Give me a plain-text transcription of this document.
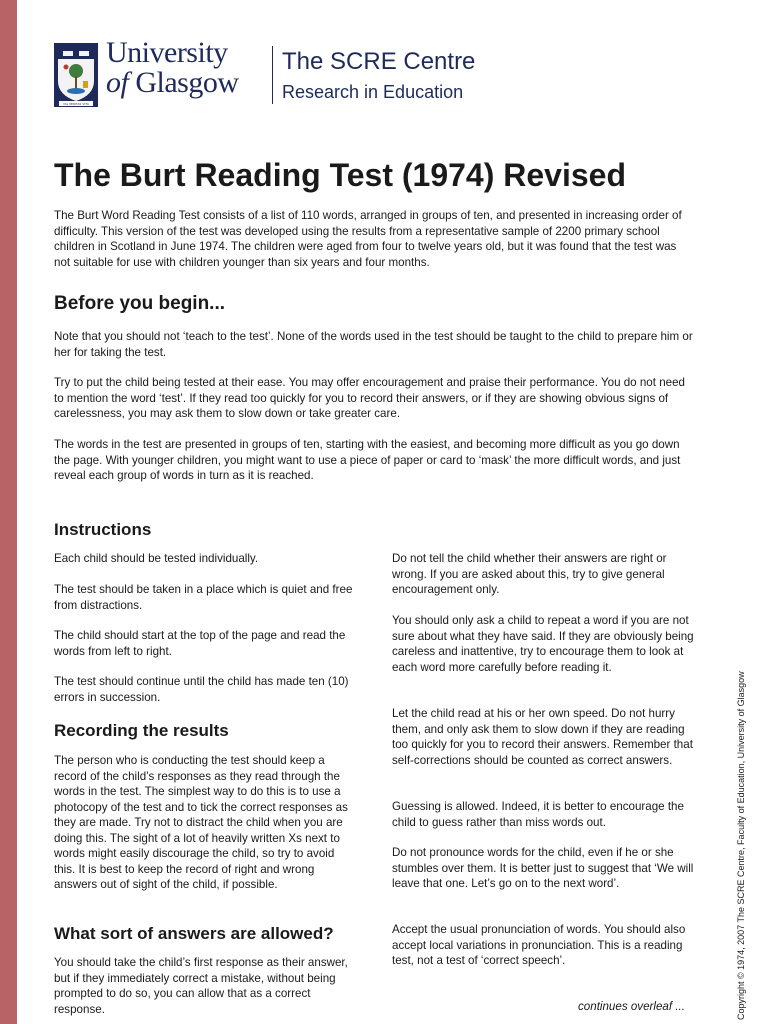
VIA VERITAS VITA
University
of Glasgow
The SCRE Centre
Research in Education
The Burt Reading Test (1974) Revised

The Burt Word Reading Test consists of a list of 110 words, arranged in groups of ten, and presented in increasing order of difficulty. This version of the test was developed using the results from a representative sample of 2200 primary school children in Scotland in June 1974. The children were aged from four to twelve years old, but it was found that the test was not suitable for use with children younger than six years and four months.

Before you begin...

Note that you should not ‘teach to the test’. None of the words used in the test should be taught to the child to prepare him or her for taking the test.

Try to put the child being tested at their ease. You may offer encouragement and praise their performance. You do not need to mention the word ‘test’. If they read too quickly for you to record their answers, or if they are showing obvious signs of carelessness, you may ask them to slow down or take greater care.

The words in the test are presented in groups of ten, starting with the easiest, and becoming more difficult as you go down the page. With younger children, you might want to use a piece of paper or card to ‘mask’ the more difficult words, and just reveal each group of words in turn as it is reached.

Instructions

Each child should be tested individually.

The test should be taken in a place which is quiet and free from distractions.

The child should start at the top of the page and read the words from left to right.

The test should continue until the child has made ten (10) errors in succession.

Recording the results

The person who is conducting the test should keep a record of the child’s responses as they read through the words in the test. The simplest way to do this is to use a photocopy of the test and to tick the correct responses as they are made. Try not to distract the child when you are doing this. The sight of a lot of heavily written Xs next to words might easily discourage the child, so try to avoid this. It is best to keep the record of right and wrong answers out of sight of the child, if possible.

What sort of answers are allowed?

You should take the child’s first response as their answer, but if they immediately correct a mistake, without being prompted to do so, you can allow that as a correct response.

Do not tell the child whether their answers are right or wrong. If you are asked about this, try to give general encouragement only.

You should only ask a child to repeat a word if you are not sure about what they have said. If they are obviously being careless and inattentive, try to encourage them to look at each word more carefully before reading it.

Let the child read at his or her own speed. Do not hurry them, and only ask them to slow down if they are reading too quickly for you to record their answers. Remember that self-corrections should be counted as correct answers.

Guessing is allowed. Indeed, it is better to encourage the child to guess rather than miss words out.

Do not pronounce words for the child, even if he or she stumbles over them. It is better just to suggest that ‘We will leave that one. Let’s go on to the next word’.

Accept the usual pronunciation of words. You should also accept local variations in pronunciation. This is a reading test, not a test of ‘correct speech’.

continues overleaf ...	Copyright © 1974, 2007 The SCRE Centre, Faculty of Education, University of Glasgow
